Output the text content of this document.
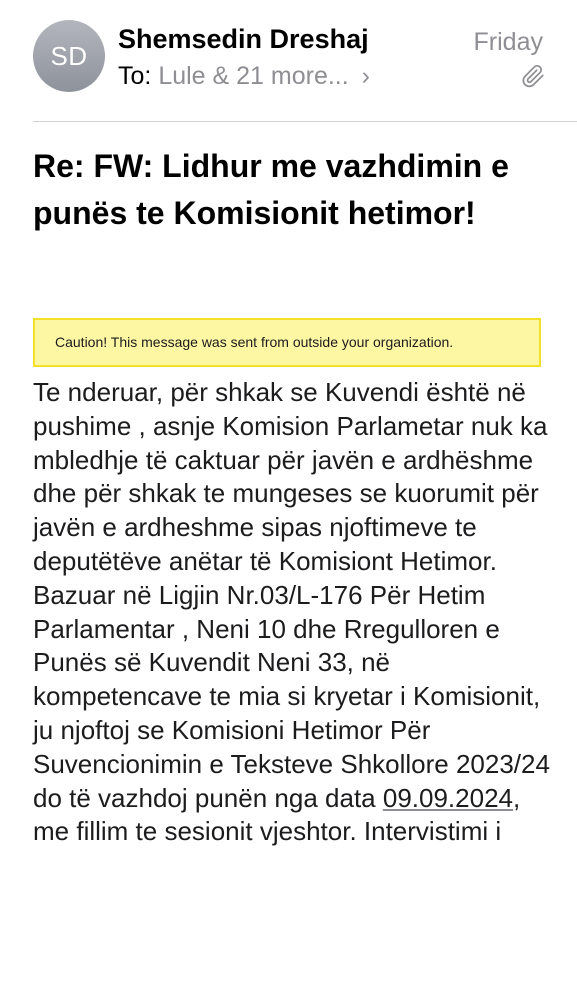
SD
Shemsedin Dreshaj	Friday
To: Lule & 21 more... ›
Re: FW: Lidhur me vazhdimin e punës te Komisionit hetimor!
Caution! This message was sent from outside your organization.

Te nderuar, për shkak se Kuvendi është në pushime , asnje Komision Parlametar nuk ka mbledhje të caktuar për javën e ardhëshme dhe për shkak te mungeses se kuorumit për javën e ardheshme sipas njoftimeve te deputëtëve anëtar të Komisiont Hetimor. Bazuar në Ligjin Nr.03/L-176 Për Hetim Parlamentar , Neni 10 dhe Rregulloren e Punës së Kuvendit Neni 33, në kompetencave te mia si kryetar i Komisionit, ju njoftoj se Komisioni Hetimor Për Suvencionimin e Teksteve Shkollore 2023/24 do të vazhdoj punën nga data 09.09.2024, me fillim te sesionit vjeshtor. Intervistimi i
